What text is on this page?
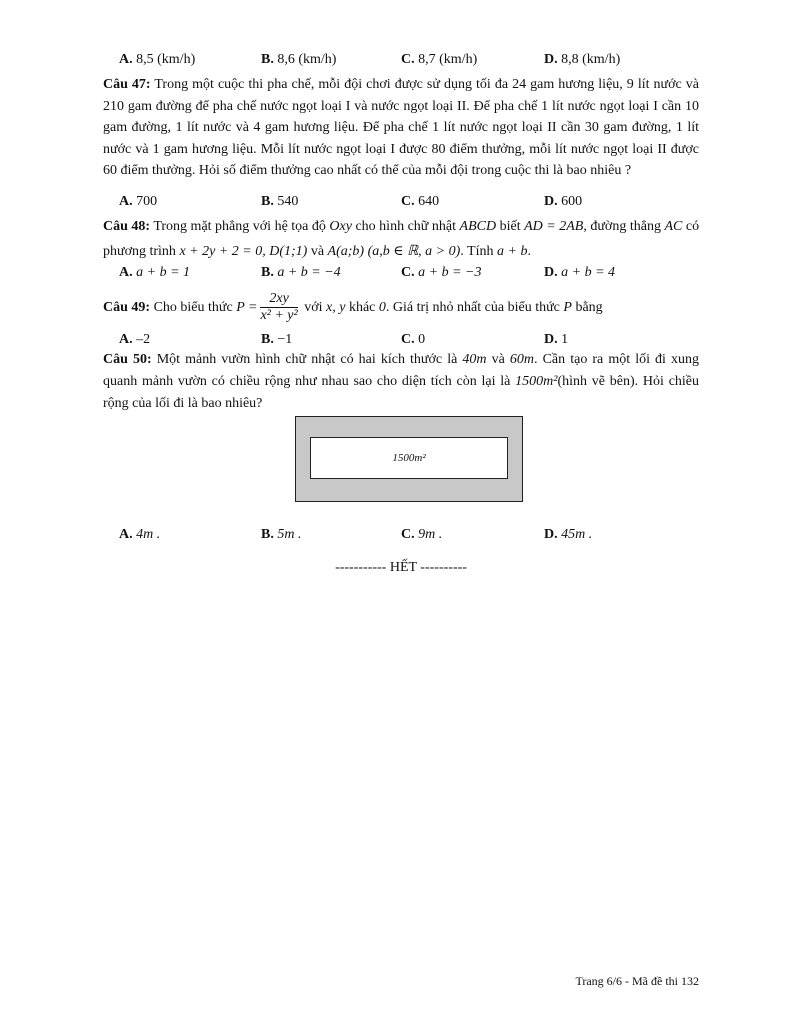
A. 8,5 (km/h)	B. 8,6 (km/h)	C. 8,7 (km/h)	D. 8,8 (km/h)
Câu 47: Trong một cuộc thi pha chế, mỗi đội chơi được sử dụng tối đa 24 gam hương liệu, 9 lít nước và 210 gam đường để pha chế nước ngọt loại I và nước ngọt loại II. Để pha chế 1 lít nước ngọt loại I cần 10 gam đường, 1 lít nước và 4 gam hương liệu. Để pha chế 1 lít nước ngọt loại II cần 30 gam đường, 1 lít nước và 1 gam hương liệu. Mỗi lít nước ngọt loại I được 80 điểm thưởng, mỗi lít nước ngọt loại II được 60 điểm thưởng. Hỏi số điểm thưởng cao nhất có thể của mỗi đội trong cuộc thi là bao nhiêu ?
A. 700	B. 540	C. 640	D. 600
Câu 48: Trong mặt phẳng với hệ tọa độ Oxy cho hình chữ nhật ABCD biết AD = 2AB, đường thẳng AC có phương trình x + 2y + 2 = 0, D(1;1) và A(a;b) (a,b ∈ ℝ, a > 0). Tính a + b.
A. a + b = 1	B. a + b = −4	C. a + b = −3	D. a + b = 4
Câu 49: Cho biểu thức $P = \frac{2xy}{\text{x² + y²}}$ với x, y khác 0. Giá trị nhỏ nhất của biểu thức P bằng
A. –2	B. −1	C. 0	D. 1
Câu 50: Một mảnh vườn hình chữ nhật có hai kích thước là 40m và 60m. Cần tạo ra một lối đi xung quanh mảnh vườn có chiều rộng như nhau sao cho diện tích còn lại là 1500m²(hình vẽ bên). Hỏi chiều rộng của lối đi là bao nhiêu?
1500m²
A. 4m .	B. 5m .	C. 9m .	D. 45m .
----------- HẾT ----------
Trang 6/6 - Mã đề thi 132
